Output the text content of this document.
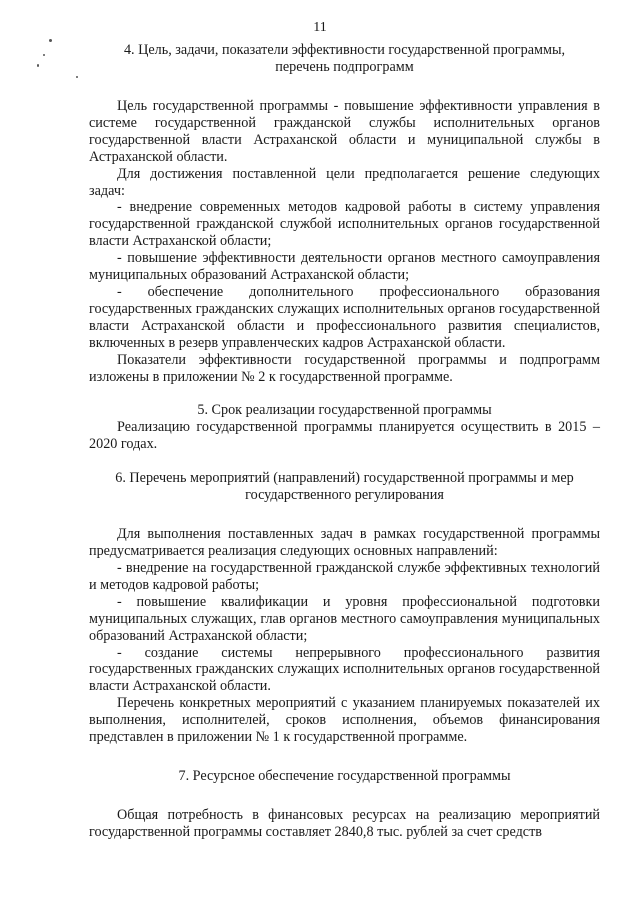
11
4. Цель, задачи, показатели эффективности государственной программы, перечень подпрограмм

Цель государственной программы - повышение эффективности управления в системе государственной гражданской службы исполнительных органов государственной власти Астраханской области и муниципальной службы в Астраханской области.

Для достижения поставленной цели предполагается решение следующих задач:

- внедрение современных методов кадровой работы в систему управления государственной гражданской службой исполнительных органов государственной власти Астраханской области;

- повышение эффективности деятельности органов местного самоуправления муниципальных образований Астраханской области;

- обеспечение дополнительного профессионального образования государственных гражданских служащих исполнительных органов государственной власти Астраханской области и профессионального развития специалистов, включенных в резерв управленческих кадров Астраханской области.

Показатели эффективности государственной программы и подпрограмм изложены в приложении № 2 к государственной программе.

5. Срок реализации государственной программы

Реализацию государственной программы планируется осуществить в 2015 – 2020 годах.

6. Перечень мероприятий (направлений) государственной программы и мер государственного регулирования

Для выполнения поставленных задач в рамках государственной программы предусматривается реализация следующих основных направлений:

- внедрение на государственной гражданской службе эффективных технологий и методов кадровой работы;

- повышение квалификации и уровня профессиональной подготовки муниципальных служащих, глав органов местного самоуправления муниципальных образований Астраханской области;

- создание системы непрерывного профессионального развития государственных гражданских служащих исполнительных органов государственной власти Астраханской области.

Перечень конкретных мероприятий с указанием планируемых показателей их выполнения, исполнителей, сроков исполнения, объемов финансирования представлен в приложении № 1 к государственной программе.

7. Ресурсное обеспечение государственной программы

Общая потребность в финансовых ресурсах на реализацию мероприятий государственной программы составляет 2840,8 тыс. рублей за счет средств
